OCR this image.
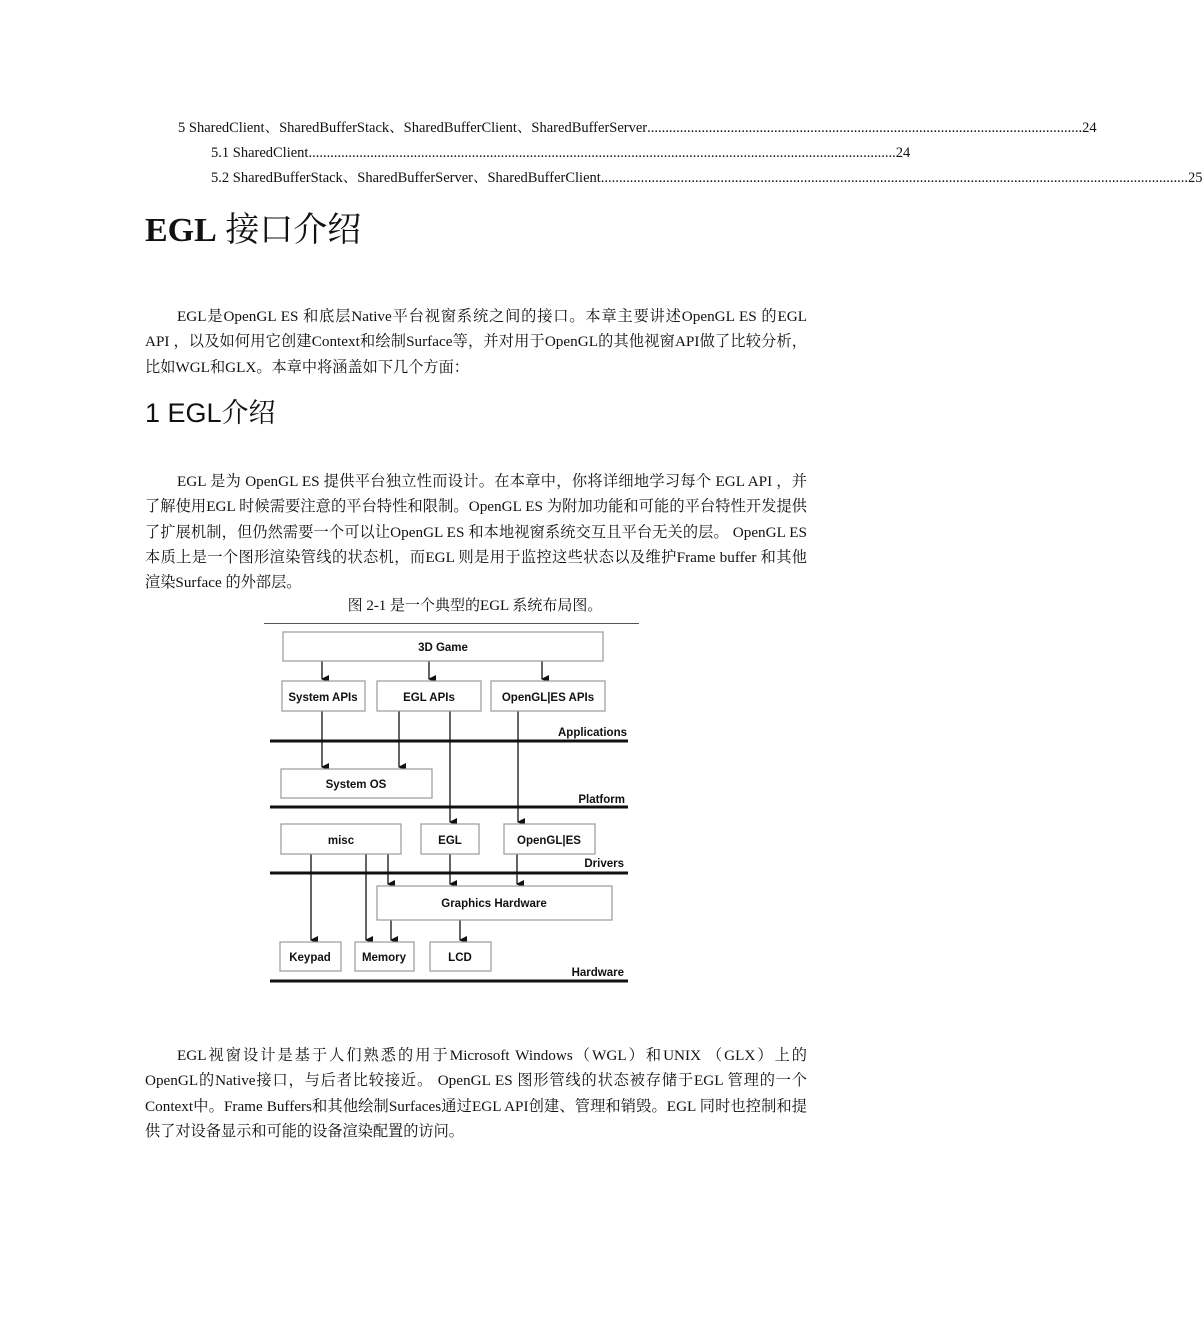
5 SharedClient、SharedBufferStack、SharedBufferClient、SharedBufferServer ........................................................................................................................ 24
5.1 SharedClient .................................................................................................................................................................. 24
5.2 SharedBufferStack、SharedBufferServer、SharedBufferClient .................................................................................................................................................................. 25
EGL 接口介绍

EGL是OpenGL ES 和底层Native平台视窗系统之间的接口。本章主要讲述OpenGL ES 的EGL API ，以及如何用它创建Context和绘制Surface等，并对用于OpenGL的其他视窗API做了比较分析，比如WGL和GLX。本章中将涵盖如下几个方面：

1 EGL介绍

EGL 是为 OpenGL ES 提供平台独立性而设计。在本章中，你将详细地学习每个 EGL API ，并了解使用EGL 时候需要注意的平台特性和限制。OpenGL ES 为附加功能和可能的平台特性开发提供了扩展机制，但仍然需要一个可以让OpenGL ES 和本地视窗系统交互且平台无关的层。 OpenGL ES 本质上是一个图形渲染管线的状态机，而EGL 则是用于监控这些状态以及维护Frame buffer 和其他渲染Surface 的外部层。

图 2-1 是一个典型的EGL 系统布局图。
Applications
Platform
Drivers
Hardware
3D Game
System APIs	EGL APIs	OpenGL|ES APIs
System OS
misc	EGL	OpenGL|ES
Graphics Hardware
Keypad	Memory	LCD

EGL视窗设计是基于人们熟悉的用于Microsoft Windows（WGL）和UNIX （GLX）上的OpenGL的Native接口，与后者比较接近。 OpenGL ES 图形管线的状态被存储于EGL 管理的一个Context中。Frame Buffers和其他绘制Surfaces通过EGL API创建、管理和销毁。EGL 同时也控制和提供了对设备显示和可能的设备渲染配置的访问。
